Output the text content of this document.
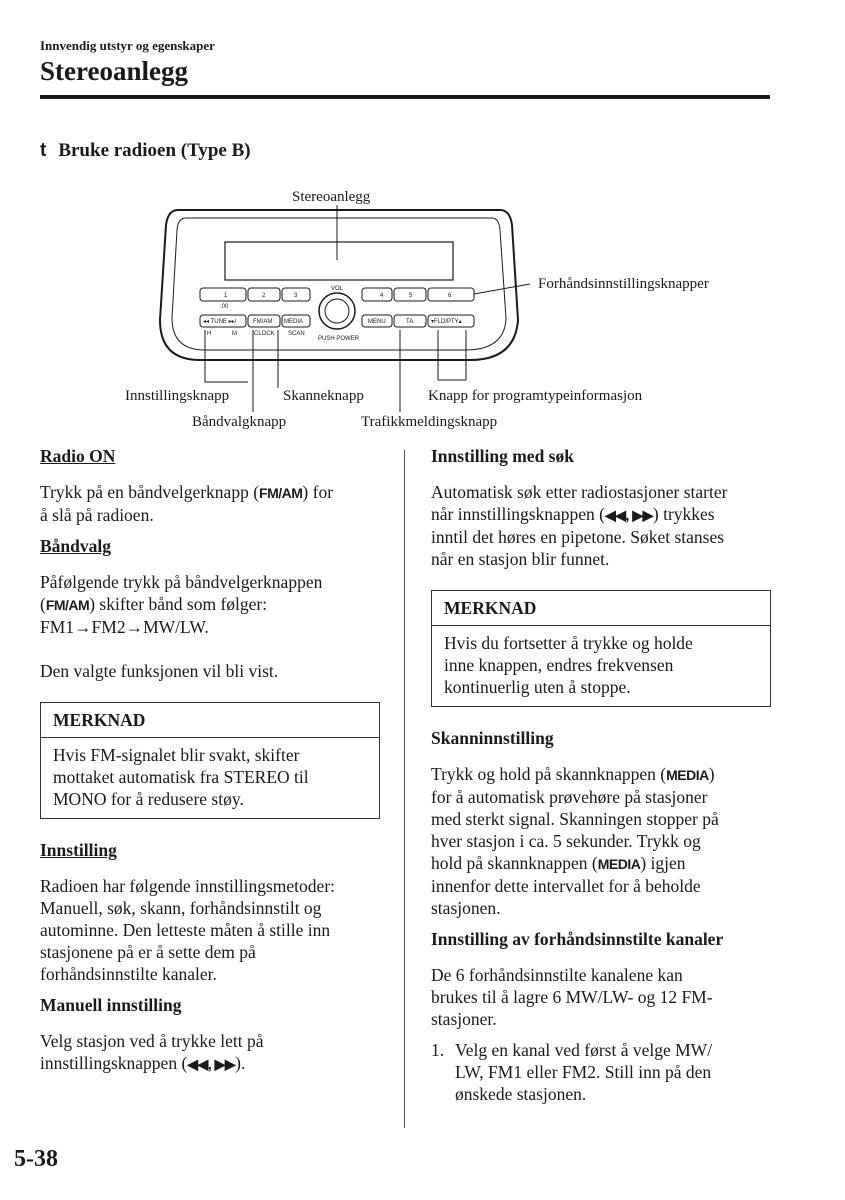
Innvendig utstyr og egenskaper
Stereoanlegg
t Bruke radioen (Type B)
1	2	3
:00
4	5	6
◂◂ TUNE ▸▸/	FM/AM MEDIA
H	M	CLOCK SCAN
MENU	TA	▾FLD/PTY▴
VOL
PUSH POWER
Stereoanlegg
Forhåndsinnstillingsknapper
Innstillingsknapp	Skanneknapp	Knapp for programtypeinformasjon
Båndvalgknapp	Trafikkmeldingsknapp

Radio ON

Trykk på en båndvelgerknapp (FM/AM) for

å slå på radioen.

Båndvalg

Påfølgende trykk på båndvelgerknappen

(FM/AM) skifter bånd som følger:

FM1→FM2→MW/LW.

Den valgte funksjonen vil bli vist.

MERKNAD

Hvis FM-signalet blir svakt, skifter

mottaket automatisk fra STEREO til

MONO for å redusere støy.

Innstilling

Radioen har følgende innstillingsmetoder:

Manuell, søk, skann, forhåndsinnstilt og

autominne. Den letteste måten å stille inn

stasjonene på er å sette dem på

forhåndsinnstilte kanaler.

Manuell innstilling

Velg stasjon ved å trykke lett på

innstillingsknappen (◀◀, ▶▶).

Innstilling med søk

Automatisk søk etter radiostasjoner starter

når innstillingsknappen (◀◀, ▶▶) trykkes

inntil det høres en pipetone. Søket stanses

når en stasjon blir funnet.

MERKNAD

Hvis du fortsetter å trykke og holde

inne knappen, endres frekvensen

kontinuerlig uten å stoppe.

Skanninnstilling

Trykk og hold på skannknappen (MEDIA)

for å automatisk prøvehøre på stasjoner

med sterkt signal. Skanningen stopper på

hver stasjon i ca. 5 sekunder. Trykk og

hold på skannknappen (MEDIA) igjen

innenfor dette intervallet for å beholde

stasjonen.

Innstilling av forhåndsinnstilte kanaler

De 6 forhåndsinnstilte kanalene kan

brukes til å lagre 6 MW/LW- og 12 FM-

stasjoner.

1. Velg en kanal ved først å velge MW/

LW, FM1 eller FM2. Still inn på den

ønskede stasjonen.

5-38
